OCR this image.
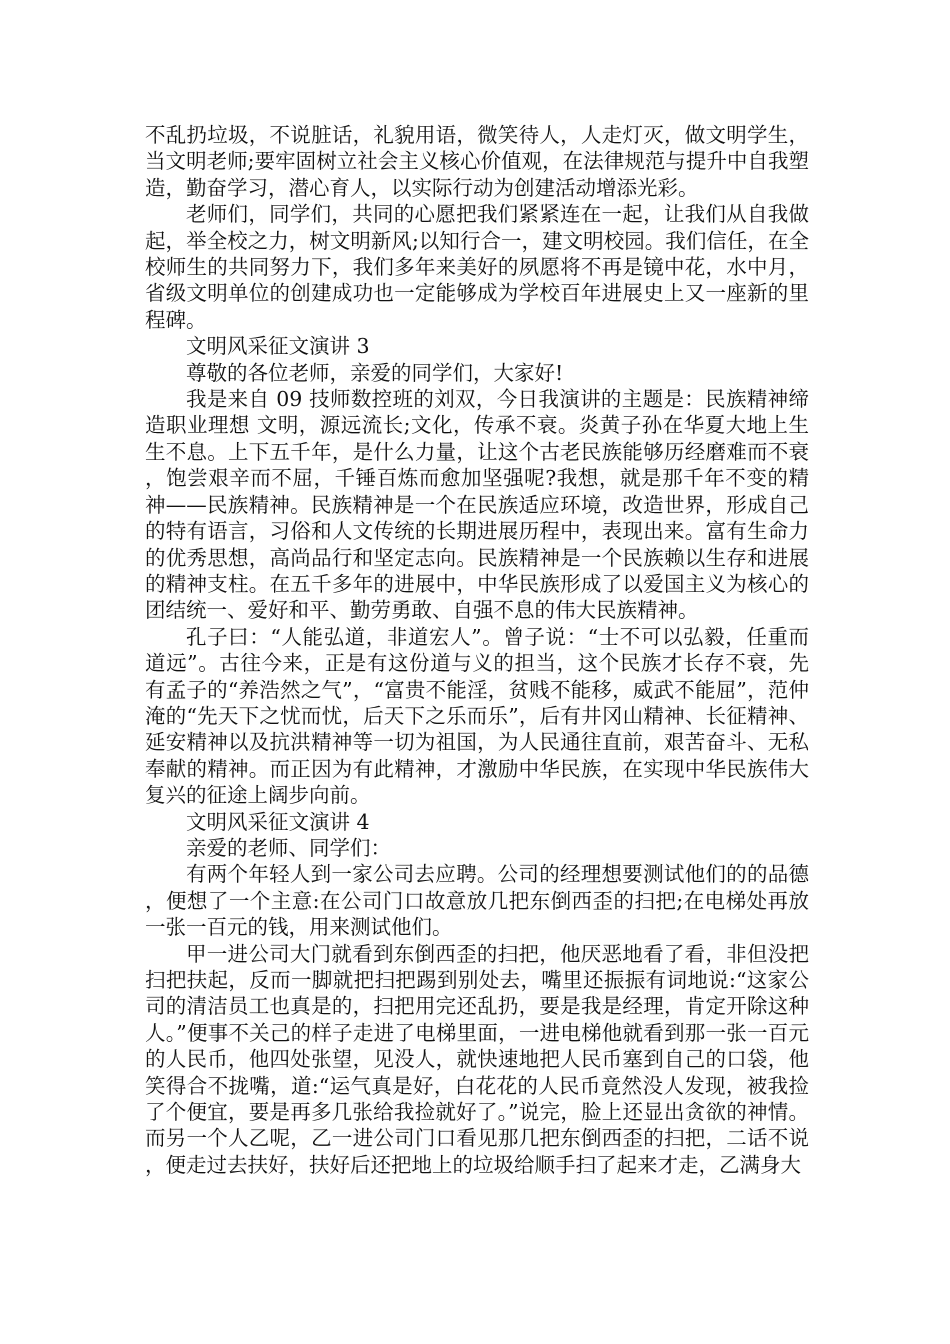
不乱扔垃圾，不说脏话，礼貌用语，微笑待人，人走灯灭，做文明学生，当文明老师;要牢固树立社会主义核心价值观，在法律规范与提升中自我塑造，勤奋学习，潜心育人，以实际行动为创建活动增添光彩。

老师们，同学们，共同的心愿把我们紧紧连在一起，让我们从自我做起，举全校之力，树文明新风;以知行合一，建文明校园。我们信任，在全校师生的共同努力下，我们多年来美好的夙愿将不再是镜中花，水中月，省级文明单位的创建成功也一定能够成为学校百年进展史上又一座新的里程碑。

文明风采征文演讲 3

尊敬的各位老师，亲爱的同学们，大家好!

我是来自 09 技师数控班的刘双，今日我演讲的主题是：民族精神缔造职业理想 文明，源远流长;文化，传承不衰。炎黄子孙在华夏大地上生生不息。上下五千年，是什么力量，让这个古老民族能够历经磨难而不衰，饱尝艰辛而不屈，千锤百炼而愈加坚强呢?我想，就是那千年不变的精神——民族精神。民族精神是一个在民族适应环境，改造世界，形成自己的特有语言，习俗和人文传统的长期进展历程中，表现出来。富有生命力的优秀思想，高尚品行和坚定志向。民族精神是一个民族赖以生存和进展的精神支柱。在五千多年的进展中，中华民族形成了以爱国主义为核心的团结统一、爱好和平、勤劳勇敢、自强不息的伟大民族精神。

孔子曰：“人能弘道，非道宏人”。曾子说：“士不可以弘毅，任重而道远”。古往今来，正是有这份道与义的担当，这个民族才长存不衰，先有孟子的“养浩然之气”，“富贵不能淫，贫贱不能移，威武不能屈”，范仲淹的“先天下之忧而忧，后天下之乐而乐”，后有井冈山精神、长征精神、延安精神以及抗洪精神等一切为祖国，为人民通往直前，艰苦奋斗、无私奉献的精神。而正因为有此精神，才激励中华民族，在实现中华民族伟大复兴的征途上阔步向前。

文明风采征文演讲 4

亲爱的老师、同学们：

有两个年轻人到一家公司去应聘。公司的经理想要测试他们的的品德，便想了一个主意:在公司门口故意放几把东倒西歪的扫把;在电梯处再放一张一百元的钱，用来测试他们。

甲一进公司大门就看到东倒西歪的扫把，他厌恶地看了看，非但没把扫把扶起，反而一脚就把扫把踢到别处去，嘴里还振振有词地说:“这家公司的清洁员工也真是的，扫把用完还乱扔，要是我是经理，肯定开除这种人。”便事不关己的样子走进了电梯里面，一进电梯他就看到那一张一百元的人民币，他四处张望，见没人，就快速地把人民币塞到自己的口袋，他笑得合不拢嘴，道:“运气真是好，白花花的人民币竟然没人发现，被我捡了个便宜，要是再多几张给我捡就好了。”说完，脸上还显出贪欲的神情。而另一个人乙呢，乙一进公司门口看见那几把东倒西歪的扫把，二话不说，便走过去扶好，扶好后还把地上的垃圾给顺手扫了起来才走，乙满身大
